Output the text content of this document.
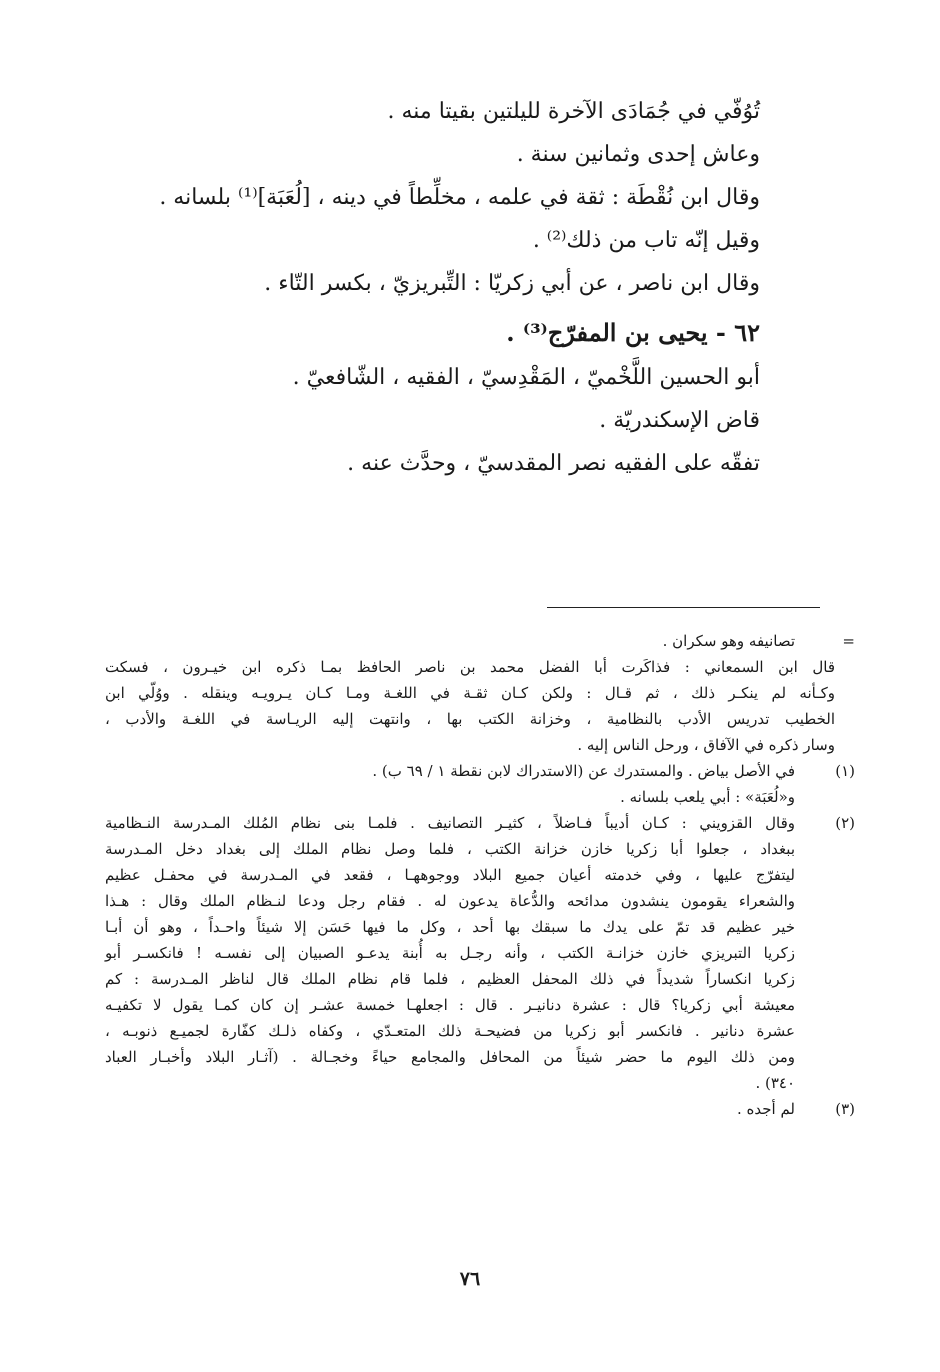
تُوُفّي في جُمَادَى الآخرة لليلتين بقيتا منه .
وعاش إحدى وثمانين سنة .
وقال ابن نُقْطَة : ثقة في علمه ، مخلِّطاً في دينه ، [لُعَبَة]⁽¹⁾ بلسانه .
وقيل إنّه تاب من ذلك⁽²⁾ .
وقال ابن ناصر ، عن أبي زكريّا : التِّبريزيّ ، بكسر التّاء .
٦٢ - يحيى بن المفرّج⁽³⁾ .
أبو الحسين اللَّخْميّ ، المَقْدِسيّ ، الفقيه ، الشّافعيّ .
قاض الإسكندريّة .
تفقّه على الفقيه نصر المقدسيّ ، وحدَّث عنه .
=
تصانيفه وهو سكران .
قال ابن السمعاني : فذاكَرت أبا الفضل محمد بن ناصر الحافظ بمـا ذكره ابن خيـرون ، فسكت
وكـأنه لم ينكـر ذلك ، ثم قـال : ولكن كـان ثقـة في اللغـة ومـا كـان يـرويـه وينقله . ووُلّي ابن
الخطيب تدريس الأدب بالنظامية ، وخزانة الكتب بها ، وانتهت إليه الريـاسة في اللغـة والأدب ،
وسار ذكره في الآفاق ، ورحل الناس إليه .
(١)
في الأصل بياض . والمستدرك عن (الاستدراك لابن نقطة ١ / ٦٩ ب) .
و«لُعَبَة» : أبي يلعب بلسانه .
(٢)
وقال القزويني : كـان أديباً فـاضلاً ، كثيـر التصانيف . فلمـا بنى نظام المُلك المـدرسة النـظامية
ببغداد ، جعلوا أبا زكريا خازن خزانة الكتب ، فلما وصل نظام الملك إلى بغداد دخل المـدرسة
ليتفرّج عليها ، وفي خدمته أعيان جميع البلاد ووجوههـا ، فقعد في المـدرسة في محفـل عظيم
والشعراء يقومون ينشدون مدائحه والدُّعاة يدعون له . فقام رجل ودعا لنـظام الملك وقال : هـذا
خير عظيم قد تمّ على يدك ما سبقك بها أحد ، وكل ما فيها حَسَن إلا شيئاً واحـداً ، وهو أن أبـا
زكريا التبريزي خازن خزانـة الكتب ، وأنه رجـل به أُبنة يدعـو الصبيان إلى نفسـه ! فانكسـر أبو
زكريا انكساراً شديداً في ذلك المحفل العظيم ، فلما قام نظام الملك قال لناظر المـدرسة : كم
معيشة أبي زكريا؟ قال : عشرة دنانيـر . قال : اجعلهـا خمسة عشـر إن كان كمـا يقول لا تكفيـه
عشرة دنانير . فانكسر أبو زكريا من فضيحـة ذلك المتعـدّي ، وكفاه ذلـك كفّارة لجميـع ذنوبـه ،
ومن ذلك اليوم ما حضر شيئاً من المحافل والمجامع حياءً وخجـالة . (آثـار البلاد وأخبـار العباد
٣٤٠) .
(٣)
لم أجده .
٧٦
